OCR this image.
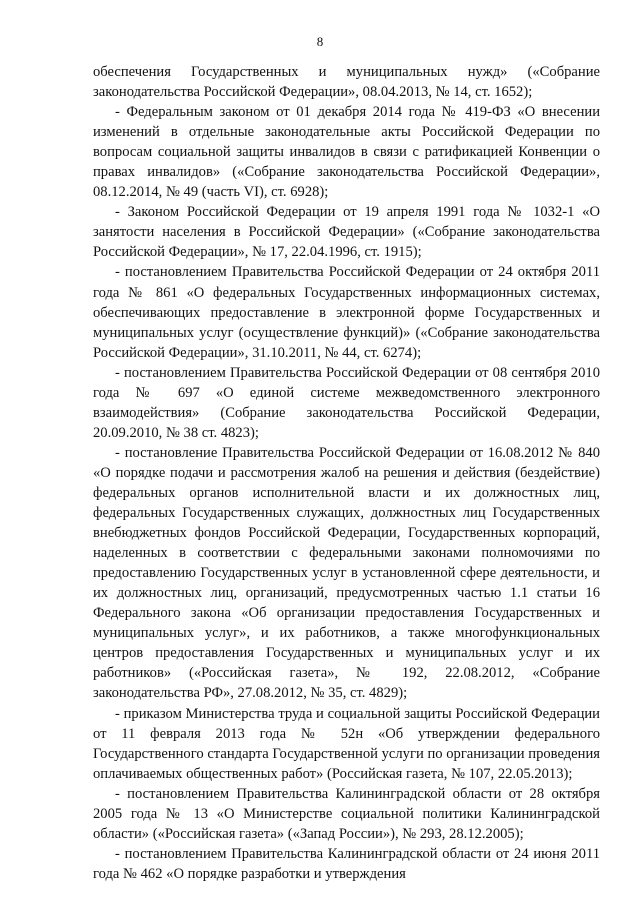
8

обеспечения Государственных и муниципальных нужд» («Собрание законодательства Российской Федерации», 08.04.2013, № 14, ст. 1652);

- Федеральным законом от 01 декабря 2014 года № 419-ФЗ «О внесении изменений в отдельные законодательные акты Российской Федерации по вопросам социальной защиты инвалидов в связи с ратификацией Конвенции о правах инвалидов» («Собрание законодательства Российской Федерации», 08.12.2014, № 49 (часть VI), ст. 6928);

- Законом Российской Федерации от 19 апреля 1991 года № 1032-1 «О занятости населения в Российской Федерации» («Собрание законодательства Российской Федерации», № 17, 22.04.1996, ст. 1915);

- постановлением Правительства Российской Федерации от 24 октября 2011 года № 861 «О федеральных Государственных информационных системах, обеспечивающих предоставление в электронной форме Государственных и муниципальных услуг (осуществление функций)» («Собрание законодательства Российской Федерации», 31.10.2011, № 44, ст. 6274);

- постановлением Правительства Российской Федерации от 08 сентября 2010 года № 697 «О единой системе межведомственного электронного взаимодействия» (Собрание законодательства Российской Федерации, 20.09.2010, № 38 ст. 4823);

- постановление Правительства Российской Федерации от 16.08.2012 № 840 «О порядке подачи и рассмотрения жалоб на решения и действия (бездействие) федеральных органов исполнительной власти и их должностных лиц, федеральных Государственных служащих, должностных лиц Государственных внебюджетных фондов Российской Федерации, Государственных корпораций, наделенных в соответствии с федеральными законами полномочиями по предоставлению Государственных услуг в установленной сфере деятельности, и их должностных лиц, организаций, предусмотренных частью 1.1 статьи 16 Федерального закона «Об организации предоставления Государственных и муниципальных услуг», и их работников, а также многофункциональных центров предоставления Государственных и муниципальных услуг и их работников» («Российская газета», № 192, 22.08.2012, «Собрание законодательства РФ», 27.08.2012, № 35, ст. 4829);

- приказом Министерства труда и социальной защиты Российской Федерации от 11 февраля 2013 года № 52н «Об утверждении федерального Государственного стандарта Государственной услуги по организации проведения оплачиваемых общественных работ» (Российская газета, № 107, 22.05.2013);

- постановлением Правительства Калининградской области от 28 октября 2005 года № 13 «О Министерстве социальной политики Калининградской области» («Российская газета» («Запад России»), № 293, 28.12.2005);

- постановлением Правительства Калининградской области от 24 июня 2011 года № 462 «О порядке разработки и утверждения
